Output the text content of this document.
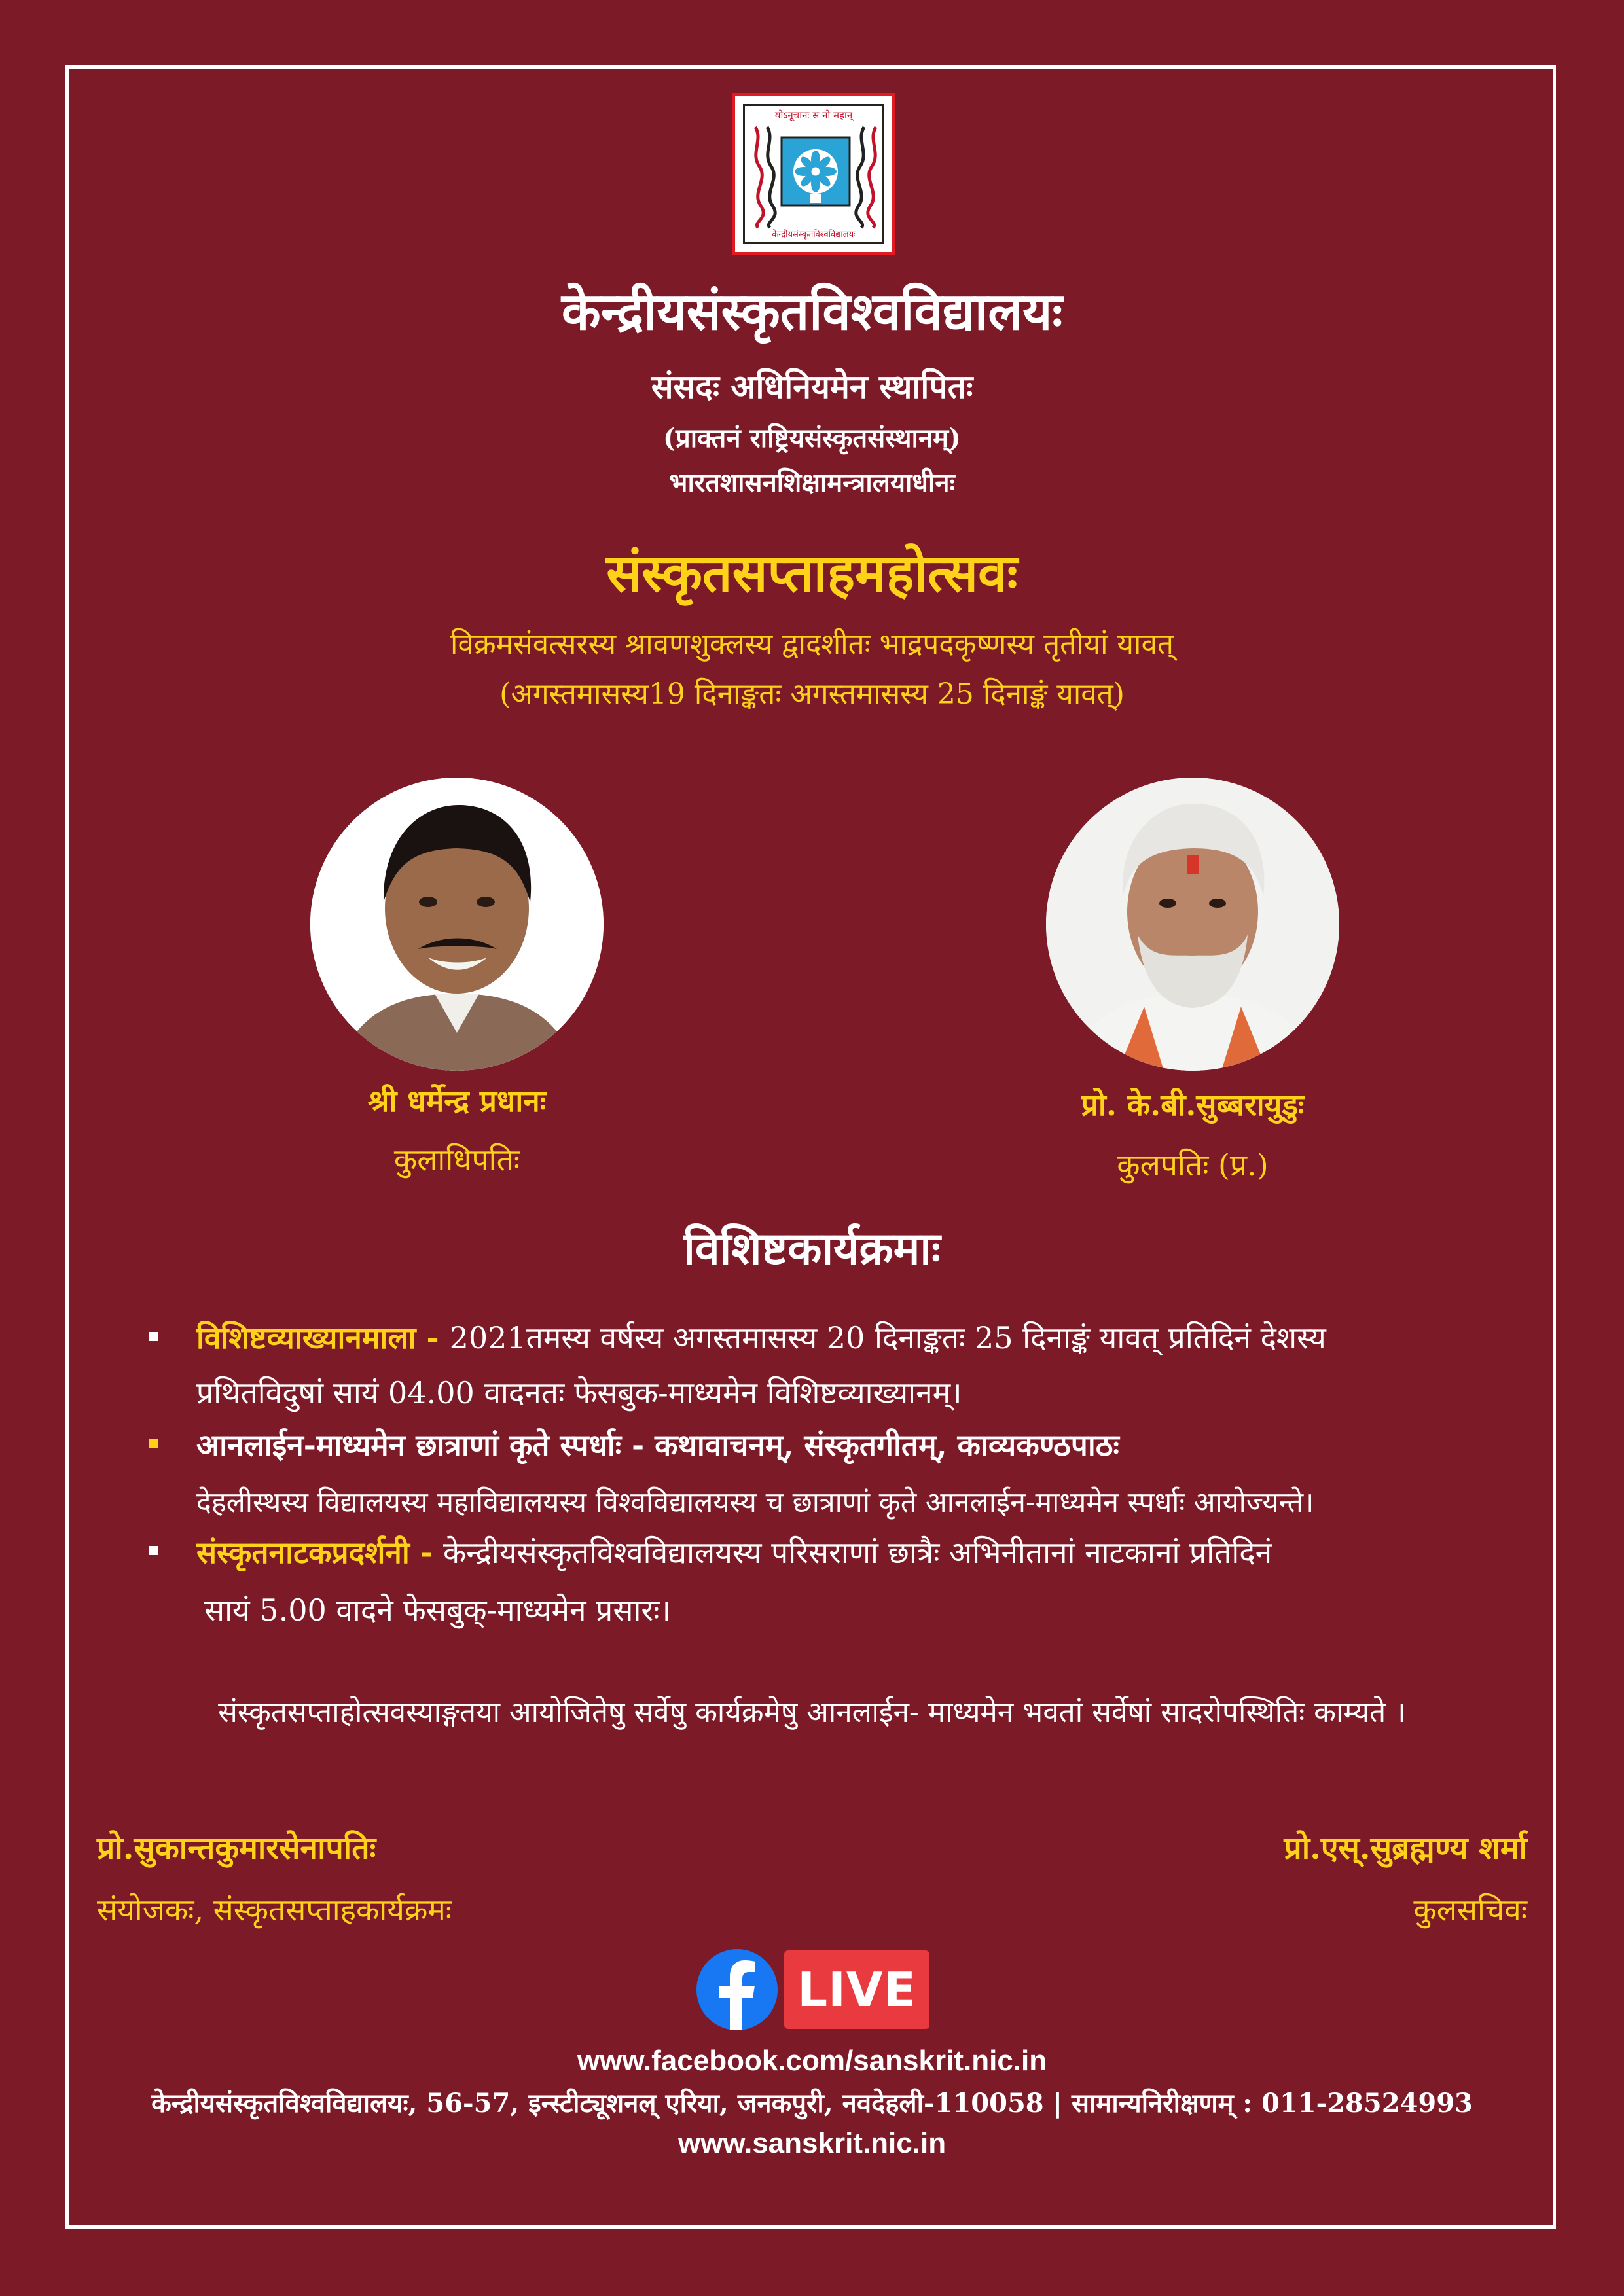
योऽनूचानः स नो महान्
केन्द्रीयसंस्कृतविश्वविद्यालयः
केन्द्रीयसंस्कृतविश्वविद्यालयः
संसदः अधिनियमेन स्थापितः
(प्राक्तनं राष्ट्रियसंस्कृतसंस्थानम्)
भारतशासनशिक्षामन्त्रालयाधीनः
संस्कृतसप्ताहमहोत्सवः
विक्रमसंवत्सरस्य श्रावणशुक्लस्य द्वादशीतः भाद्रपदकृष्णस्य तृतीयां यावत्
(अगस्तमासस्य19 दिनाङ्कतः अगस्तमासस्य 25 दिनाङ्कं यावत्)
श्री धर्मेन्द्र प्रधानः
कुलाधिपतिः
प्रो. के.बी.सुब्बरायुडुः
कुलपतिः (प्र.)
विशिष्टकार्यक्रमाः
विशिष्टव्याख्यानमाला - 2021तमस्य वर्षस्य अगस्तमासस्य 20 दिनाङ्कतः 25 दिनाङ्कं यावत् प्रतिदिनं देशस्य
प्रथितविदुषां सायं 04.00 वादनतः फेसबुक-माध्यमेन विशिष्टव्याख्यानम्।
आनलाईन-माध्यमेन छात्राणां कृते स्पर्धाः - कथावाचनम्, संस्कृतगीतम्, काव्यकण्ठपाठः
देहलीस्थस्य विद्यालयस्य महाविद्यालयस्य विश्वविद्यालयस्य च छात्राणां कृते आनलाईन-माध्यमेन स्पर्धाः आयोज्यन्ते।
संस्कृतनाटकप्रदर्शनी - केन्द्रीयसंस्कृतविश्वविद्यालयस्य परिसराणां छात्रैः अभिनीतानां नाटकानां प्रतिदिनं
सायं 5.00 वादने फेसबुक्-माध्यमेन प्रसारः।
संस्कृतसप्ताहोत्सवस्याङ्गतया आयोजितेषु सर्वेषु कार्यक्रमेषु आनलाईन- माध्यमेन भवतां सर्वेषां सादरोपस्थितिः काम्यते ।
प्रो.सुकान्तकुमारसेनापतिः
संयोजकः, संस्कृतसप्ताहकार्यक्रमः
प्रो.एस्.सुब्रह्मण्य शर्मा
कुलसचिवः
LIVE
www.facebook.com/sanskrit.nic.in
केन्द्रीयसंस्कृतविश्वविद्यालयः, 56-57, इन्स्टीट्यूशनल् एरिया, जनकपुरी, नवदेहली-110058 | सामान्यनिरीक्षणम् : 011-28524993
www.sanskrit.nic.in
